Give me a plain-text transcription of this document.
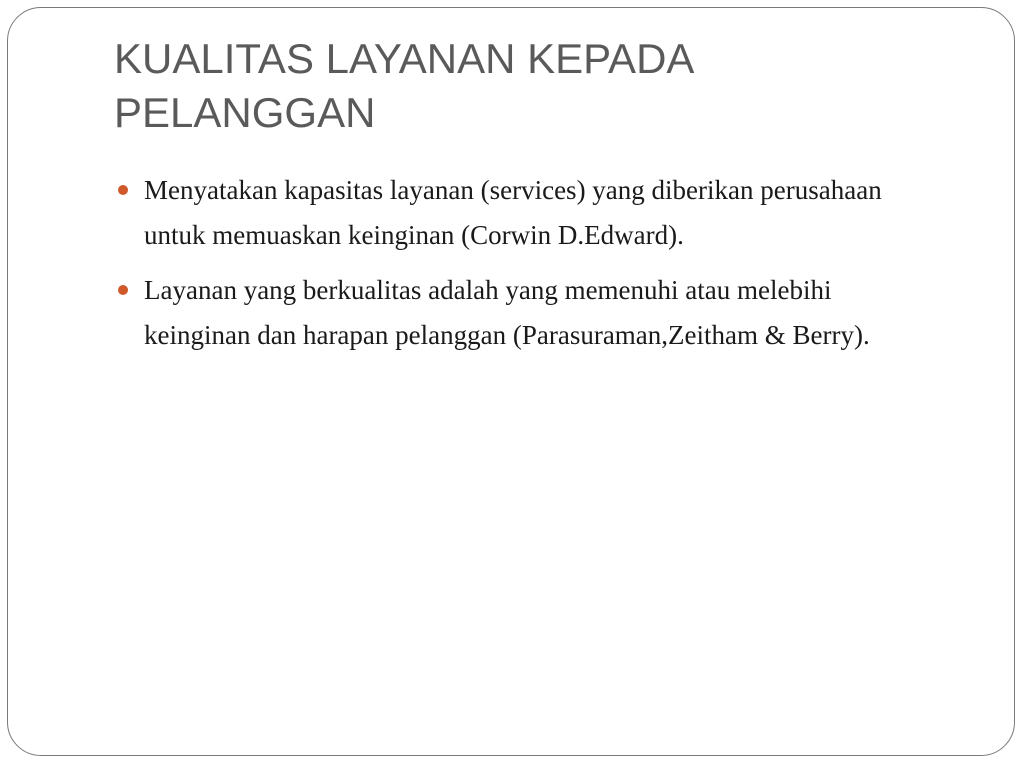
KUALITAS LAYANAN KEPADA PELANGGAN
Menyatakan kapasitas layanan (services) yang diberikan perusahaan untuk memuaskan keinginan (Corwin D.Edward).
Layanan yang berkualitas adalah yang memenuhi atau melebihi keinginan dan harapan pelanggan (Parasuraman,Zeitham & Berry).
